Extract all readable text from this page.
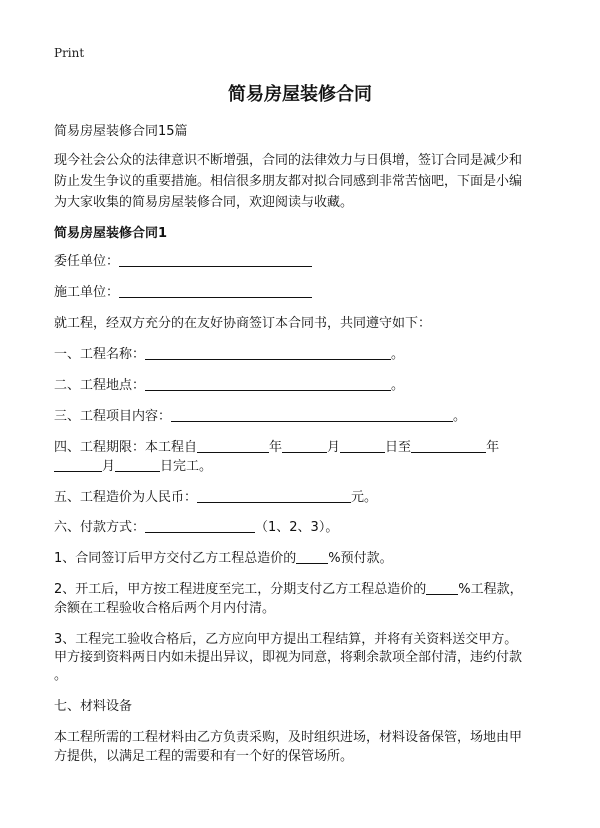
Print
简易房屋装修合同
简易房屋装修合同15篇
现今社会公众的法律意识不断增强，合同的法律效力与日俱增，签订合同是减少和
防止发生争议的重要措施。相信很多朋友都对拟合同感到非常苦恼吧，下面是小编
为大家收集的简易房屋装修合同，欢迎阅读与收藏。
简易房屋装修合同1
委任单位：
施工单位：
就工程，经双方充分的在友好协商签订本合同书，共同遵守如下：
一、工程名称：	。
二、工程地点：	。
三、工程项目内容：	。
四、工程期限：本工程自	年	月	日至	年
月	日完工。
五、工程造价为人民币：	元。
六、付款方式：	（1、2、3）。
1、合同签订后甲方交付乙方工程总造价的 %预付款。
2、开工后，甲方按工程进度至完工，分期支付乙方工程总造价的 %工程款，
余额在工程验收合格后两个月内付清。
3、工程完工验收合格后，乙方应向甲方提出工程结算，并将有关资料送交甲方。
甲方接到资料两日内如未提出异议，即视为同意，将剩余款项全部付清，违约付款
。
七、材料设备
本工程所需的工程材料由乙方负责采购，及时组织进场，材料设备保管，场地由甲
方提供，以满足工程的需要和有一个好的保管场所。
